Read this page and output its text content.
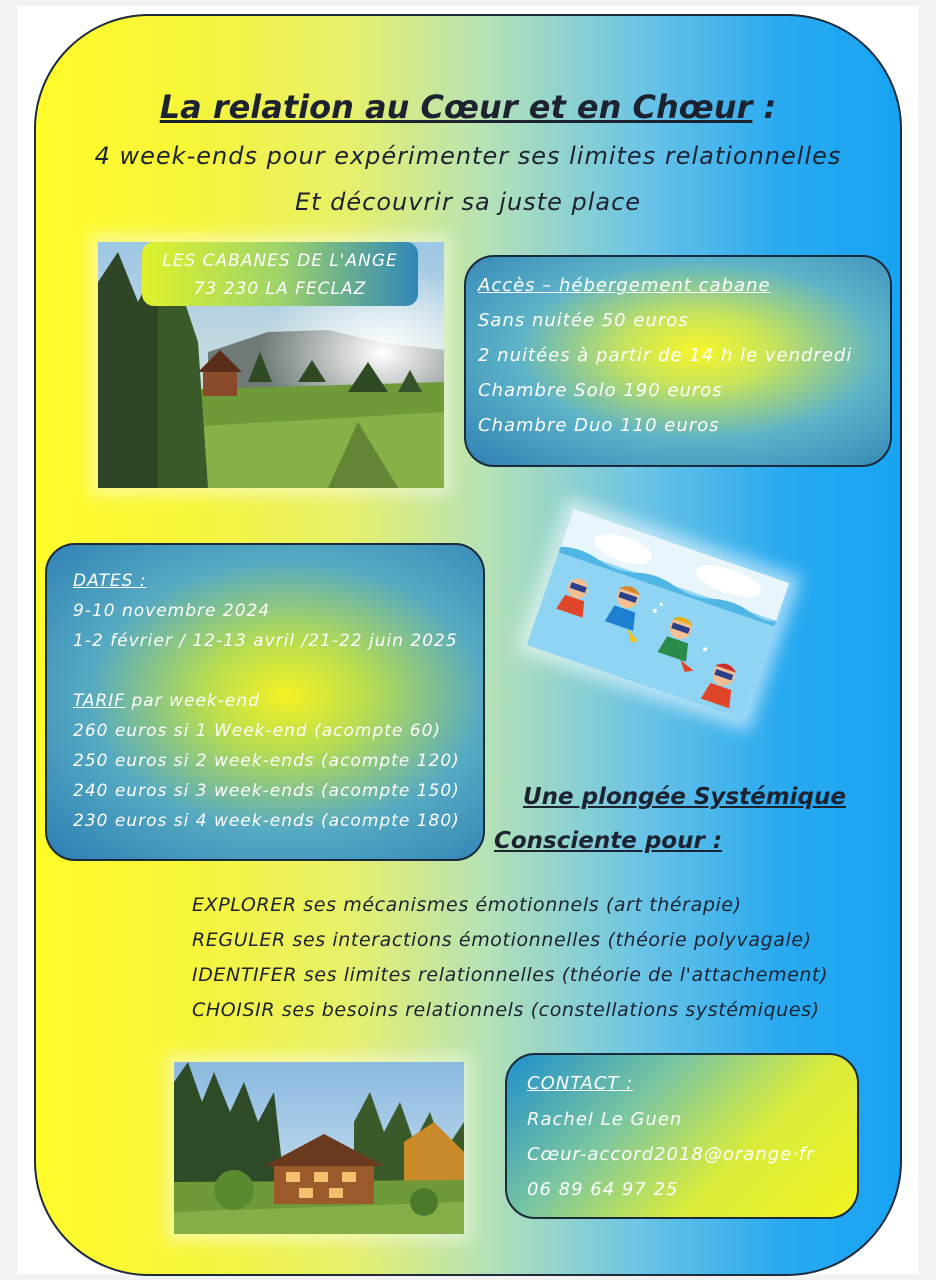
La relation au Cœur et en Chœur :
4 week-ends pour expérimenter ses limites relationnelles
Et découvrir sa juste place
LES CABANES DE L'ANGE
73 230 LA FECLAZ	Accès – hébergement cabane
Sans nuitée 50 euros
2 nuitées à partir de 14 h le vendredi
Chambre Solo 190 euros
Chambre Duo 110 euros
DATES :
9-10 novembre 2024
1-2 février / 12-13 avril /21-22 juin 2025
TARIF par week-end
260 euros si 1 Week-end (acompte 60)
250 euros si 2 week-ends (acompte 120)
240 euros si 3 week-ends (acompte 150)
230 euros si 4 week-ends (acompte 180)
Une plongée Systémique
Consciente pour :
EXPLORER ses mécanismes émotionnels (art thérapie)
REGULER ses interactions émotionnelles (théorie polyvagale)
IDENTIFER ses limites relationnelles (théorie de l'attachement)
CHOISIR ses besoins relationnels (constellations systémiques)
CONTACT :
Rachel Le Guen
Cœur-accord2018@orange·fr
06 89 64 97 25
